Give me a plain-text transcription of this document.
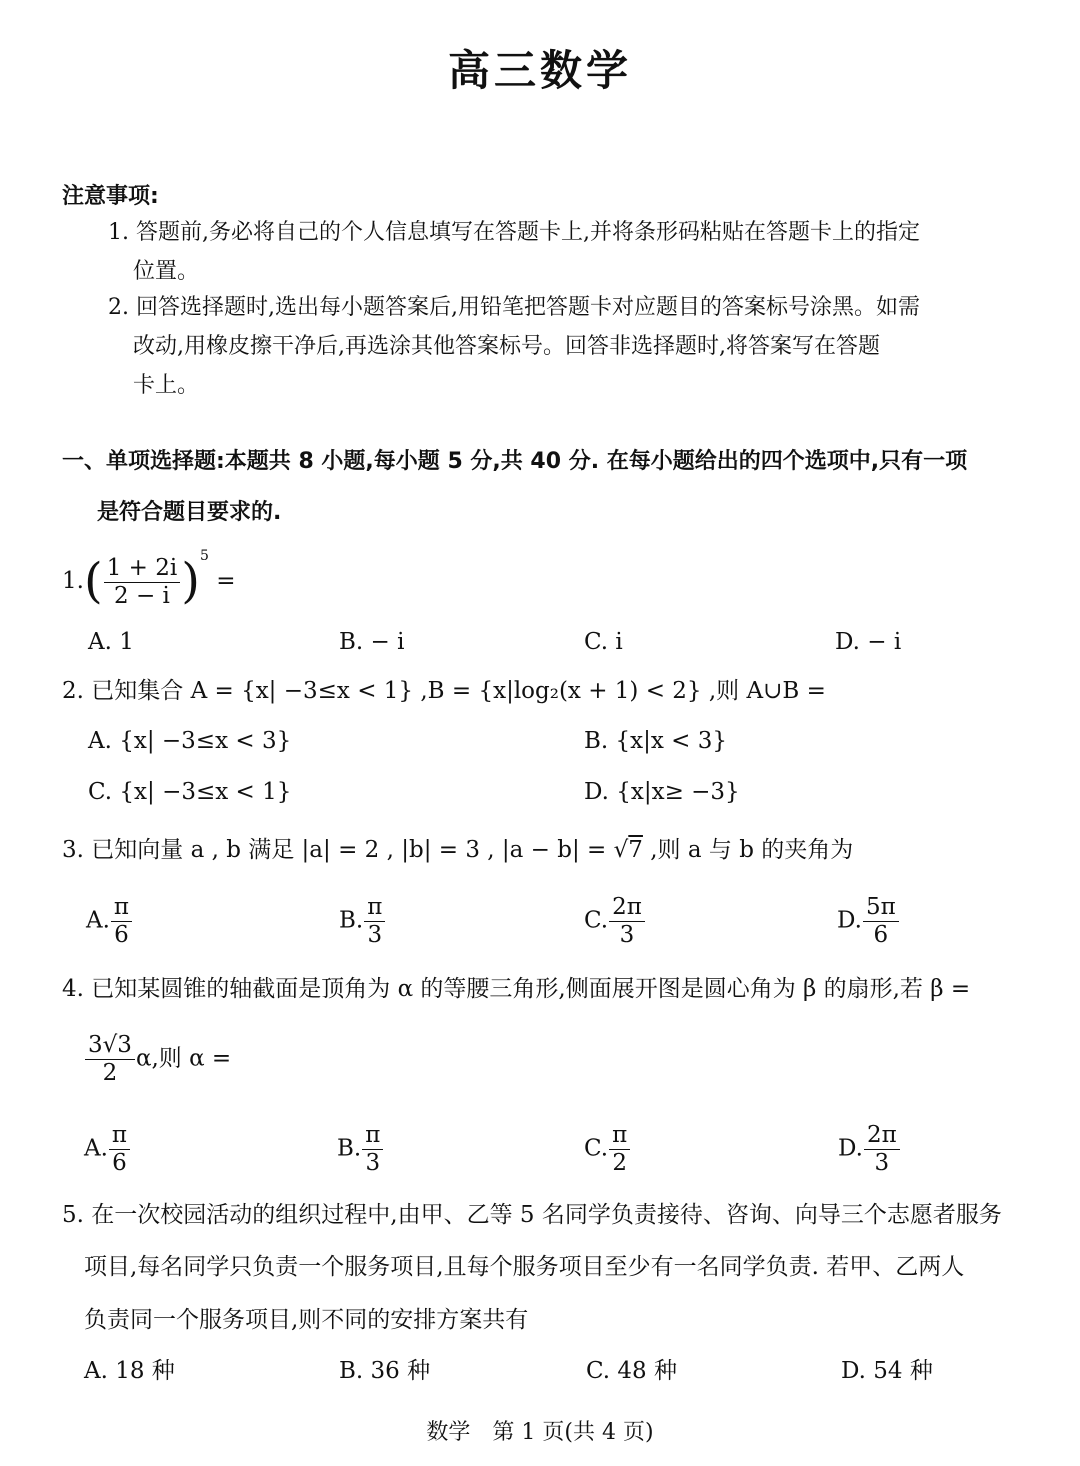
高三数学
注意事项:
1. 答题前,务必将自己的个人信息填写在答题卡上,并将条形码粘贴在答题卡上的指定
位置。
2. 回答选择题时,选出每小题答案后,用铅笔把答题卡对应题目的答案标号涂黑。如需
改动,用橡皮擦干净后,再选涂其他答案标号。回答非选择题时,将答案写在答题
卡上。
一、单项选择题:本题共 8 小题,每小题 5 分,共 40 分. 在每小题给出的四个选项中,只有一项
是符合题目要求的.
$1.( \frac{1 + 2i}{2 - i} )^5$ =
A. 1	B. − i	C. i	D. − i
2. 已知集合 A = {x| −3≤x < 1} ,B = {x|log₂(x + 1) < 2} ,则 A∪B =
A. {x| −3≤x < 3}	B. {x|x < 3}
C. {x| −3≤x < 1}	D. {x|x≥ −3}
3. 已知向量 a , b 满足 |a| = 2 , |b| = 3 , |a − b| = √7 ,则 a 与 b 的夹角为
A. $\frac{\pi}{6}$	B. $\frac{\pi}{3}$	C. $\frac{2\pi}{3}$	D. $\frac{5\pi}{6}$
4. 已知某圆锥的轴截面是顶角为 α 的等腰三角形,侧面展开图是圆心角为 β 的扇形,若 β =
$\frac{3√3}{2} \alpha$,则 α =
A. $\frac{\pi}{6}$	B. $\frac{\pi}{3}$	C. $\frac{\pi}{2}$	D. $\frac{2\pi}{3}$
5. 在一次校园活动的组织过程中,由甲、乙等 5 名同学负责接待、咨询、向导三个志愿者服务
项目,每名同学只负责一个服务项目,且每个服务项目至少有一名同学负责. 若甲、乙两人
负责同一个服务项目,则不同的安排方案共有
A. 18 种	B. 36 种	C. 48 种	D. 54 种
数学　第 1 页(共 4 页)
